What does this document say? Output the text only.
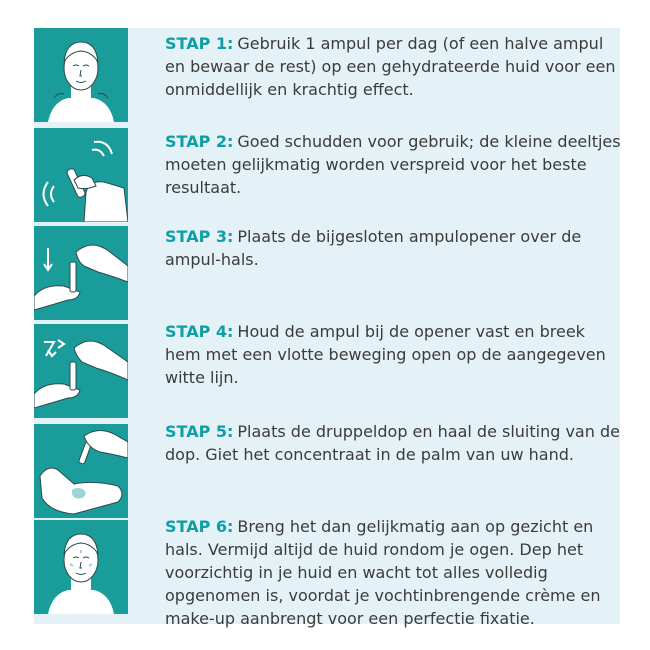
STAP 1: Gebruik 1 ampul per dag (of een halve ampul en bewaar de rest) op een gehydrateerde huid voor een onmiddellijk en krachtig effect.
STAP 2: Goed schudden voor gebruik; de kleine deeltjes moeten gelijkmatig worden verspreid voor het beste resultaat.
STAP 3: Plaats de bijgesloten ampulopener over de ampul-hals.
STAP 4: Houd de ampul bij de opener vast en breek hem met een vlotte beweging open op de aangegeven witte lijn.
STAP 5: Plaats de druppeldop en haal de sluiting van de dop. Giet het concentraat in de palm van uw hand.
STAP 6: Breng het dan gelijkmatig aan op gezicht en hals. Vermijd altijd de huid rondom je ogen. Dep het voorzichtig in je huid en wacht tot alles volledig opgenomen is, voordat je vochtinbrengende crème en make-up aanbrengt voor een perfectie fixatie.
